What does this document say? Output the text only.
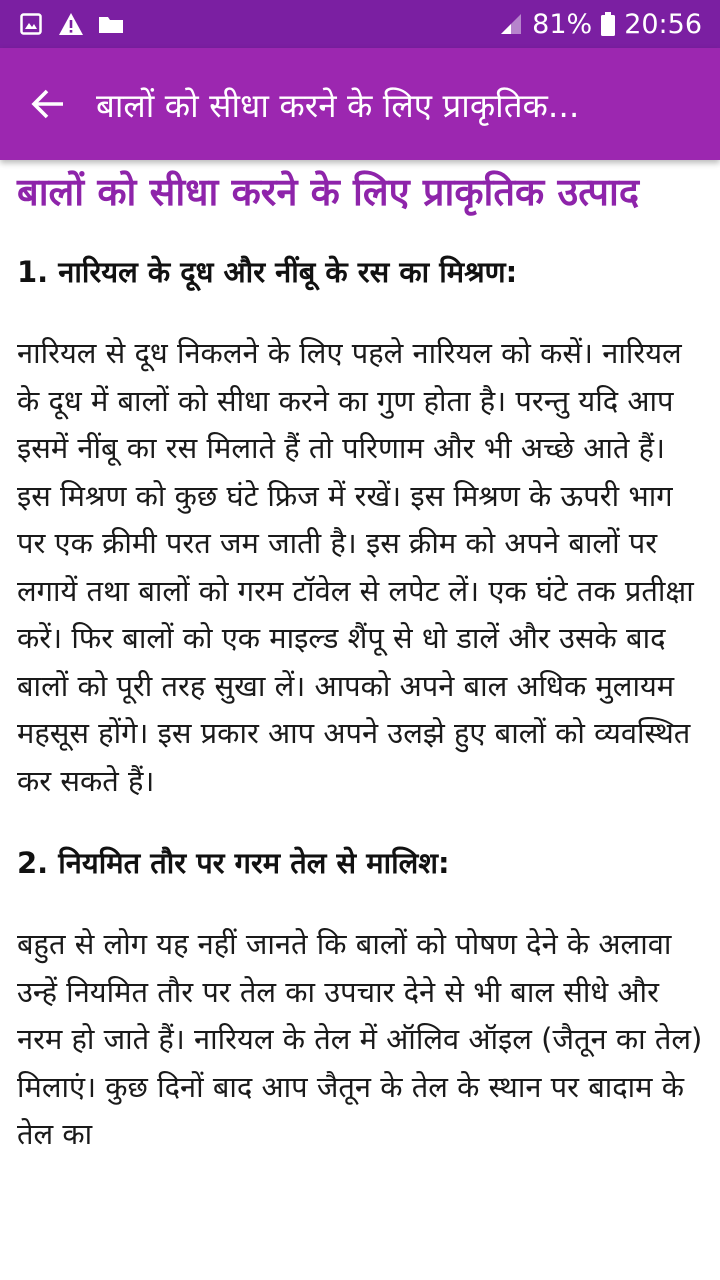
81% 20:56
बालों को सीधा करने के लिए प्राकृतिक...
बालों को सीधा करने के लिए प्राकृतिक उत्पाद
1. नारियल के दूध और नींबू के रस का मिश्रण:
नारियल से दूध निकलने के लिए पहले नारियल को कसें। नारियल के दूध में बालों को सीधा करने का गुण होता है। परन्तु यदि आप इसमें नींबू का रस मिलाते हैं तो परिणाम और भी अच्छे आते हैं। इस मिश्रण को कुछ घंटे फ्रिज में रखें। इस मिश्रण के ऊपरी भाग पर एक क्रीमी परत जम जाती है। इस क्रीम को अपने बालों पर लगायें तथा बालों को गरम टॉवेल से लपेट लें। एक घंटे तक प्रतीक्षा करें। फिर बालों को एक माइल्ड शैंपू से धो डालें और उसके बाद बालों को पूरी तरह सुखा लें। आपको अपने बाल अधिक मुलायम महसूस होंगे। इस प्रकार आप अपने उलझे हुए बालों को व्यवस्थित कर सकते हैं।
2. नियमित तौर पर गरम तेल से मालिश:
बहुत से लोग यह नहीं जानते कि बालों को पोषण देने के अलावा उन्हें नियमित तौर पर तेल का उपचार देने से भी बाल सीधे और नरम हो जाते हैं। नारियल के तेल में ऑलिव ऑइल (जैतून का तेल) मिलाएं। कुछ दिनों बाद आप जैतून के तेल के स्थान पर बादाम के तेल का
